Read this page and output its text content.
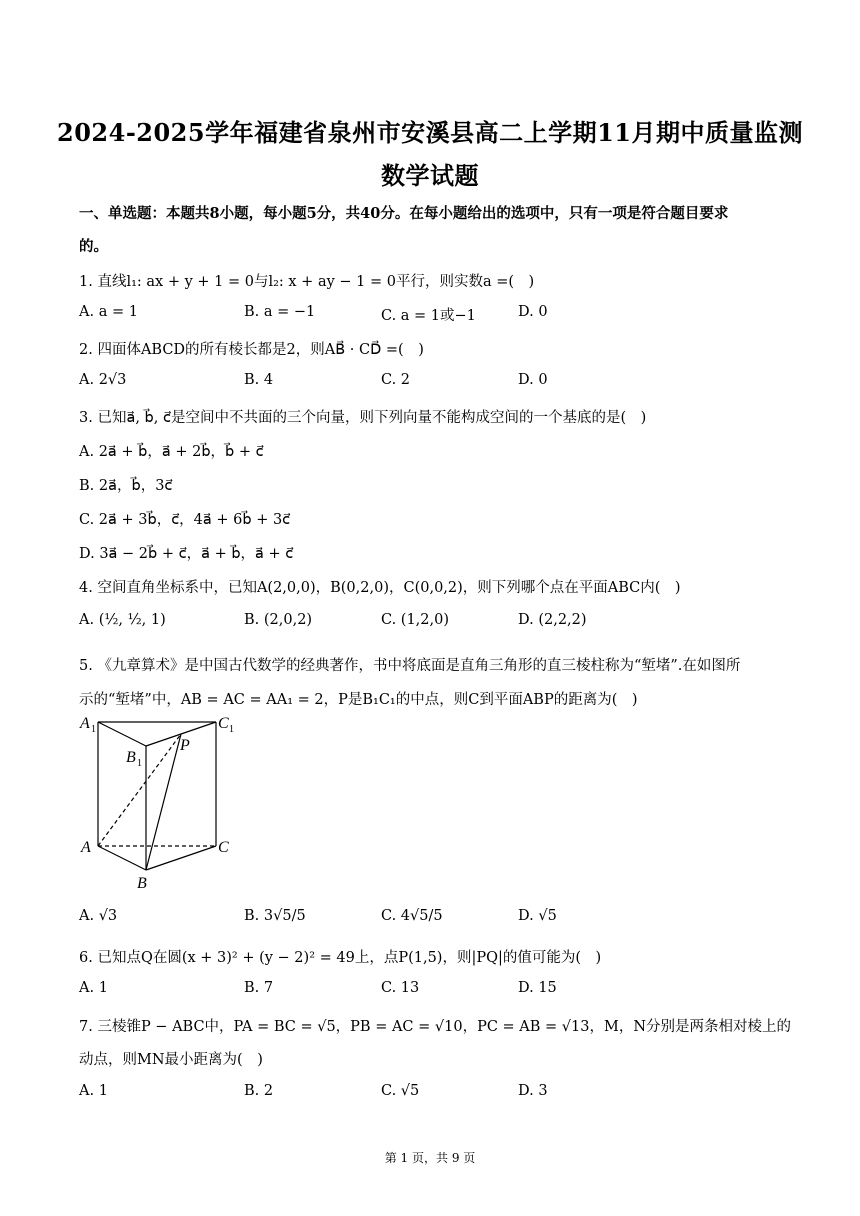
2024-2025学年福建省泉州市安溪县高二上学期11月期中质量监测
数学试题
一、单选题：本题共8小题，每小题5分，共40分。在每小题给出的选项中，只有一项是符合题目要求
的。
1. 直线l₁: ax + y + 1 = 0与l₂: x + ay − 1 = 0平行，则实数a =(　)
A. a = 1	B. a = −1	C. a = 1或−1	D. 0
2. 四面体ABCD的所有棱长都是2，则AB⃗ · CD⃗ =(　)
A. 2√3	B. 4	C. 2	D. 0
3. 已知a⃗, b⃗, c⃗是空间中不共面的三个向量，则下列向量不能构成空间的一个基底的是(　)
A. 2a⃗ + b⃗，a⃗ + 2b⃗，b⃗ + c⃗
B. 2a⃗，b⃗，3c⃗
C. 2a⃗ + 3b⃗，c⃗，4a⃗ + 6b⃗ + 3c⃗
D. 3a⃗ − 2b⃗ + c⃗，a⃗ + b⃗，a⃗ + c⃗
4. 空间直角坐标系中，已知A(2,0,0)，B(0,2,0)，C(0,0,2)，则下列哪个点在平面ABC内(　)
A. (½, ½, 1)	B. (2,0,2)	C. (1,2,0)	D. (2,2,2)
5. 《九章算术》是中国古代数学的经典著作，书中将底面是直角三角形的直三棱柱称为“堑堵”.在如图所
示的“堑堵”中，AB = AC = AA₁ = 2，P是B₁C₁的中点，则C到平面ABP的距离为(　)
A 1	C 1
B 1
P
A	C
B
A. √3	B. 3√5/5	C. 4√5/5	D. √5
6. 已知点Q在圆(x + 3)² + (y − 2)² = 49上，点P(1,5)，则|PQ|的值可能为(　)
A. 1	B. 7	C. 13	D. 15
7. 三棱锥P − ABC中，PA = BC = √5，PB = AC = √10，PC = AB = √13，M，N分别是两条相对棱上的
动点，则MN最小距离为(　)
A. 1	B. 2	C. √5	D. 3
第 1 页，共 9 页
